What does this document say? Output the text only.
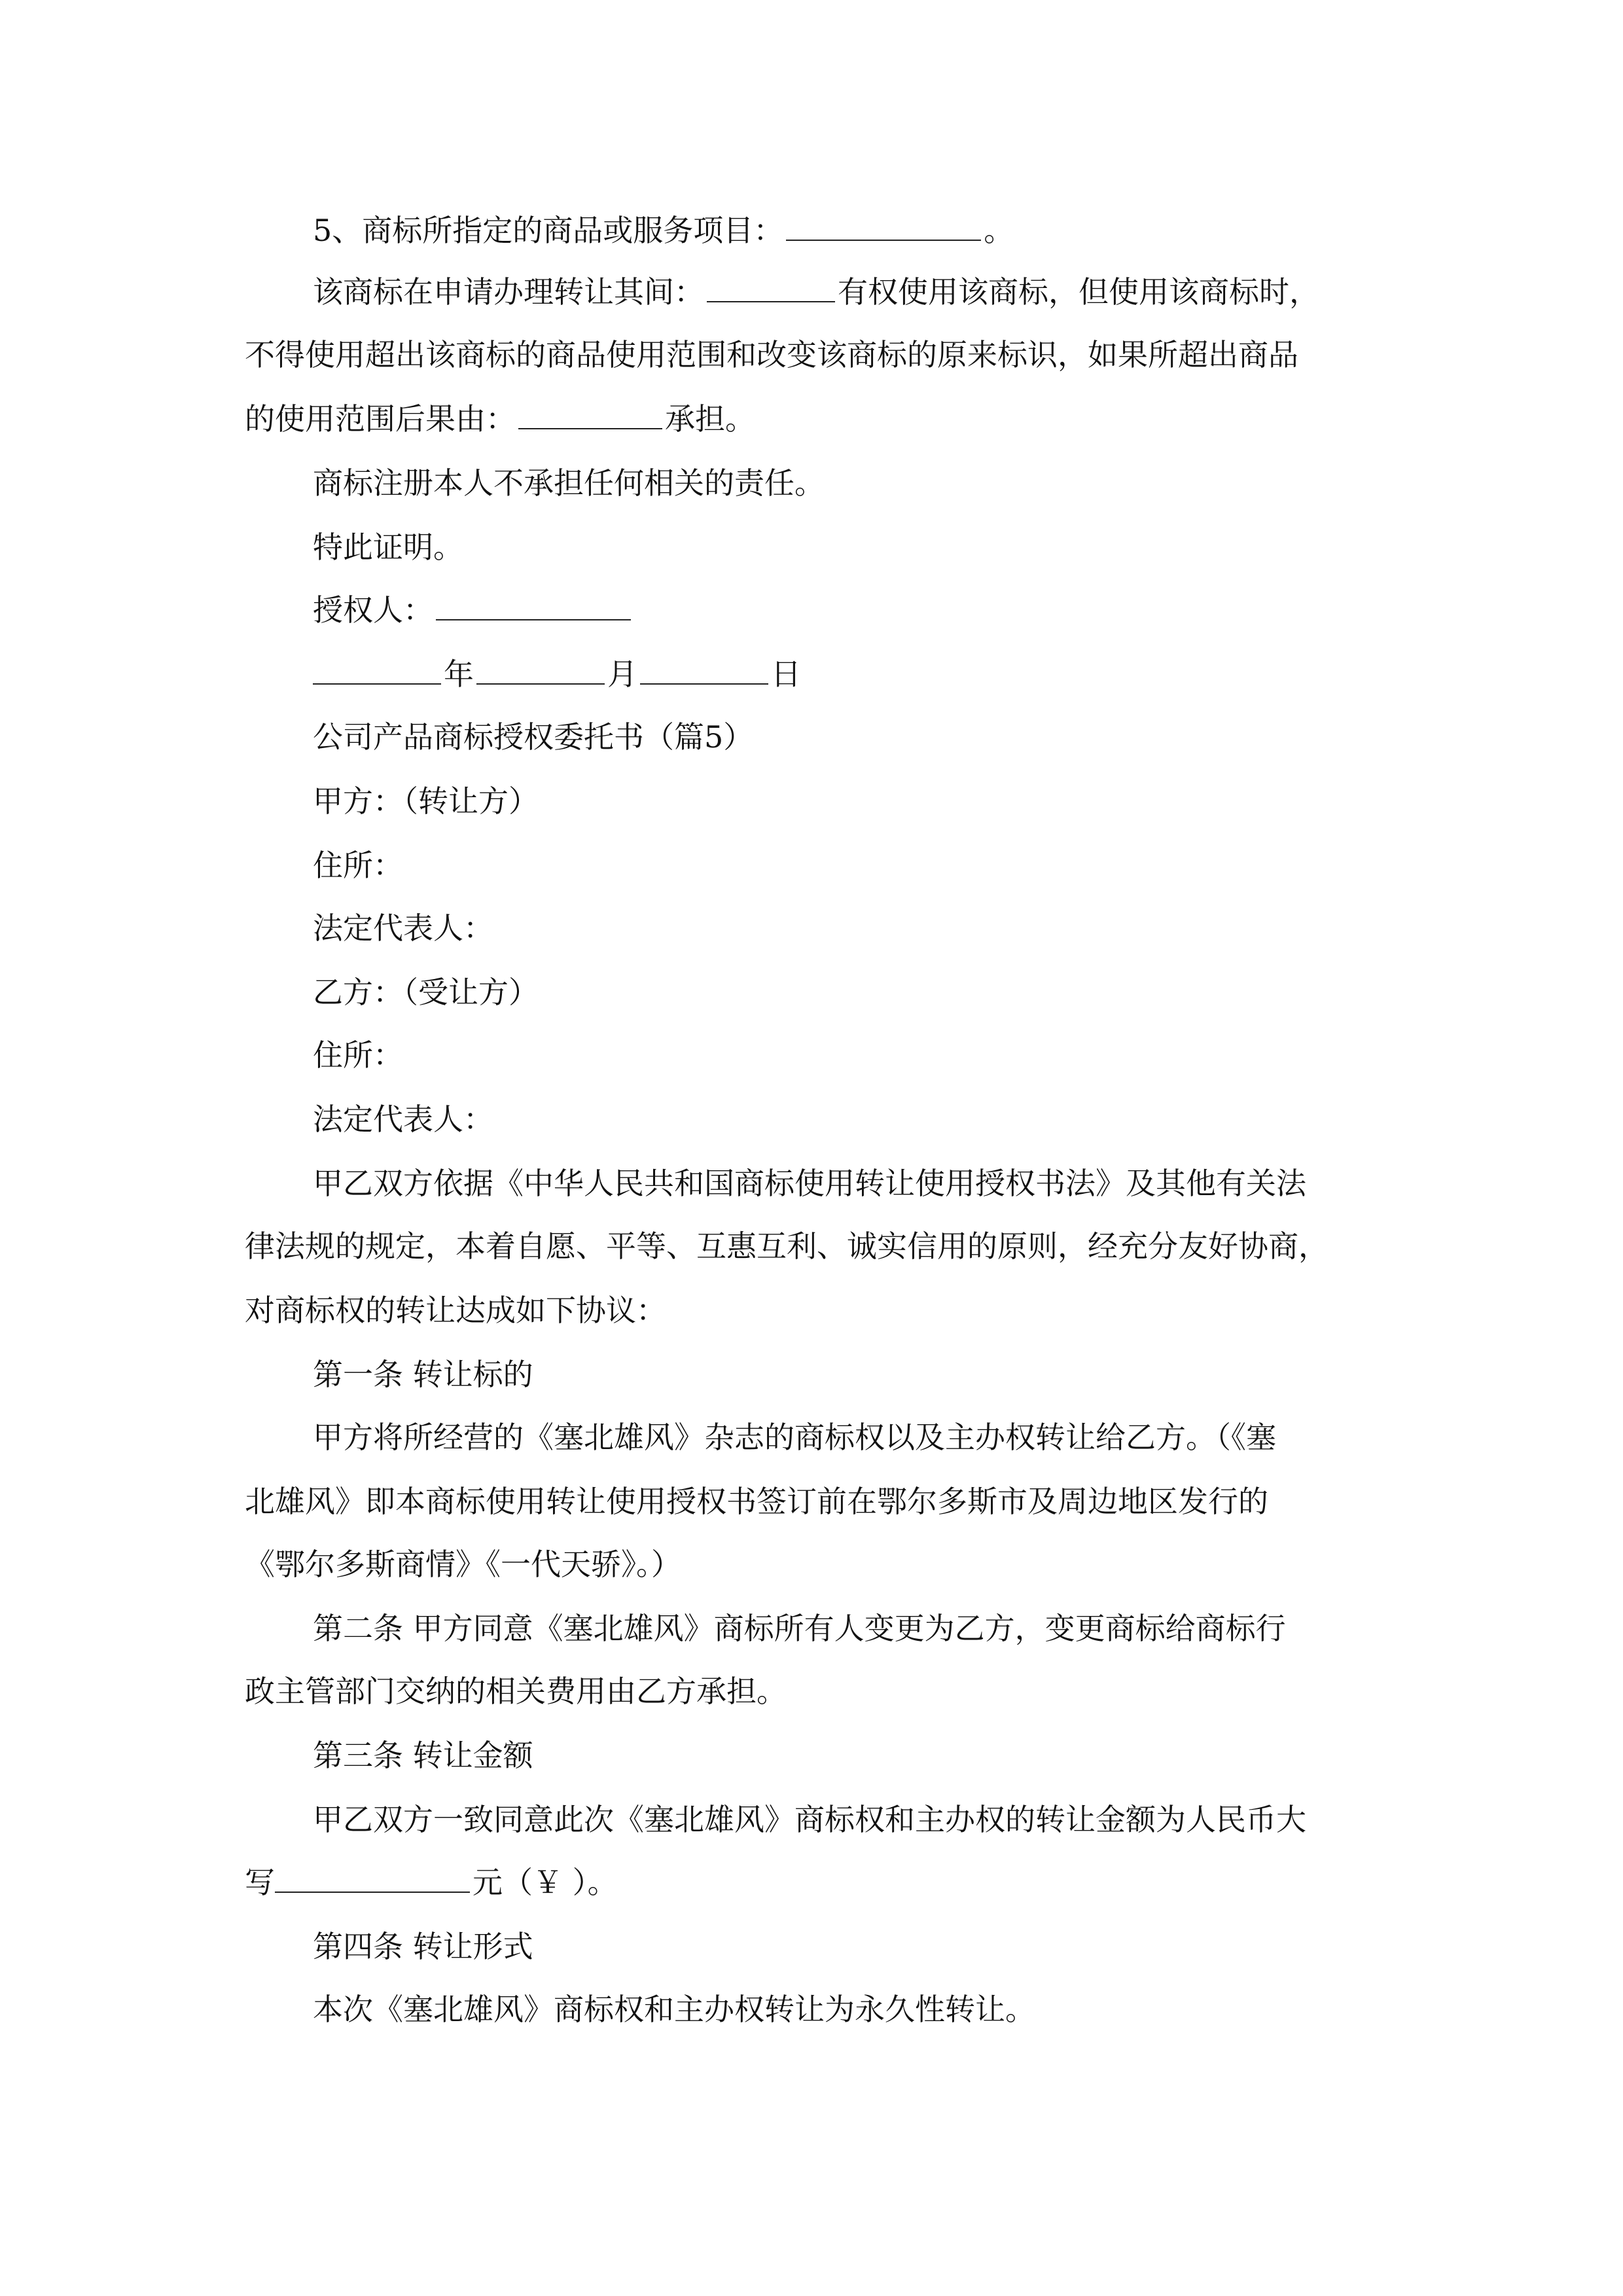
5、商标所指定的商品或服务项目：	。
该商标在申请办理转让其间：	有权使用该商标，但使用该商标时，
不得使用超出该商标的商品使用范围和改变该商标的原来标识，如果所超出商品
的使用范围后果由：	承担。
商标注册本人不承担任何相关的责任。
特此证明。
授权人：
年	月	日
公司产品商标授权委托书（篇5）
甲方：（转让方）
住所：
法定代表人：
乙方：（受让方）
住所：
法定代表人：
甲乙双方依据《中华人民共和国商标使用转让使用授权书法》及其他有关法
律法规的规定，本着自愿、平等、互惠互利、诚实信用的原则，经充分友好协商，
对商标权的转让达成如下协议：
第一条 转让标的
甲方将所经营的《塞北雄风》杂志的商标权以及主办权转让给乙方。（《塞
北雄风》即本商标使用转让使用授权书签订前在鄂尔多斯市及周边地区发行的
《鄂尔多斯商情》《一代天骄》。）
第二条 甲方同意《塞北雄风》商标所有人变更为乙方，变更商标给商标行
政主管部门交纳的相关费用由乙方承担。
第三条 转让金额
甲乙双方一致同意此次《塞北雄风》商标权和主办权的转让金额为人民币大
写	元（￥ ）。
第四条 转让形式
本次《塞北雄风》商标权和主办权转让为永久性转让。
